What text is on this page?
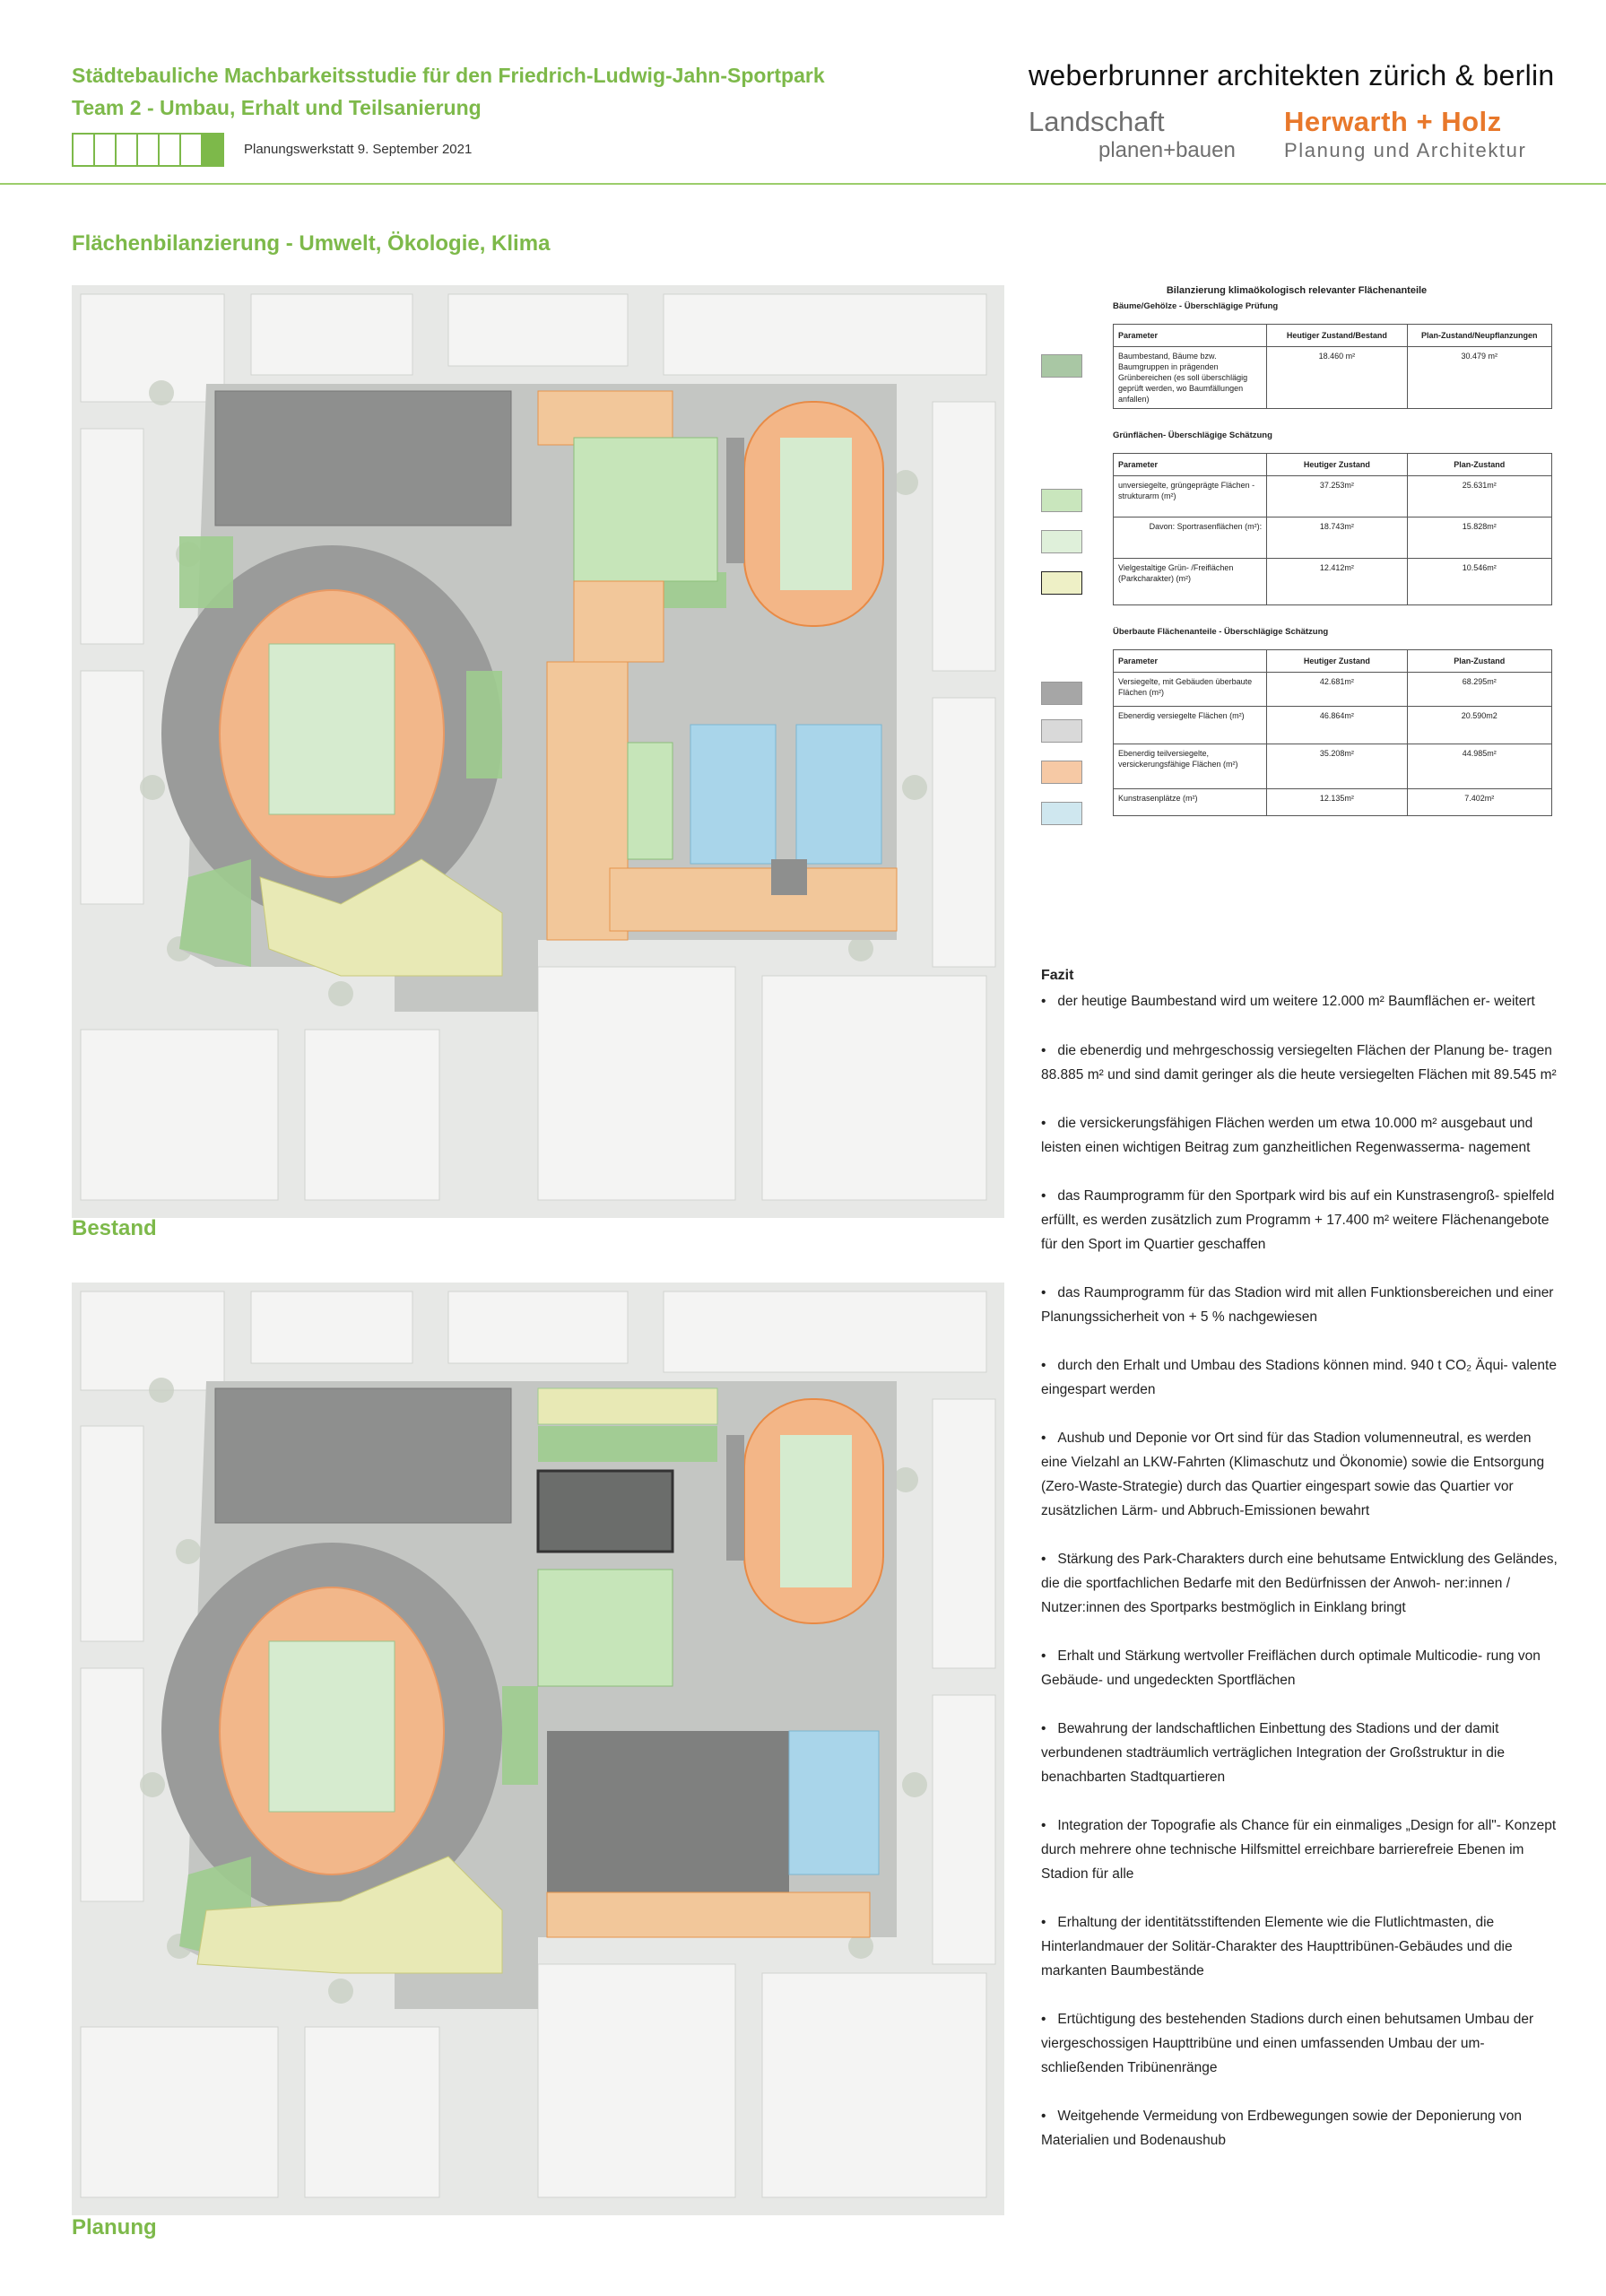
Städtebauliche Machbarkeitsstudie für den Friedrich-Ludwig-Jahn-Sportpark
Team 2 - Umbau, Erhalt und Teilsanierung
Planungswerkstatt 9. September 2021
weberbrunner architekten zürich & berlin
Landschaft
planen+bauen
Herwarth + Holz
Planung und Architektur
Flächenbilanzierung - Umwelt, Ökologie, Klima
Bestand
Planung
Bilanzierung klimaökologisch relevanter Flächenanteile
Bäume/Gehölze - Überschlägige Prüfung
Parameter	Heutiger Zustand/Bestand	Plan-Zustand/Neupflanzungen
Baumbestand, Bäume bzw. Baumgruppen in prägenden Grünbereichen (es soll überschlägig geprüft werden, wo Baumfällungen anfallen)	18.460 m²	30.479 m²
Grünflächen- Überschlägige Schätzung
Parameter	Heutiger Zustand	Plan-Zustand
unversiegelte, grüngeprägte Flächen - strukturarm (m²)	37.253m²	25.631m²
Davon: Sportrasenflächen (m²):	18.743m²	15.828m²
Vielgestaltige Grün- /Freiflächen (Parkcharakter) (m²)	12.412m²	10.546m²
Überbaute Flächenanteile - Überschlägige Schätzung
Parameter	Heutiger Zustand	Plan-Zustand
Versiegelte, mit Gebäuden überbaute Flächen (m²)	42.681m²	68.295m²
Ebenerdig versiegelte Flächen (m²)	46.864m²	20.590m2
Ebenerdig teilversiegelte, versickerungsfähige Flächen (m²)	35.208m²	44.985m²
Kunstrasenplätze (m²)	12.135m²	7.402m²
Fazit

•   der heutige Baumbestand wird um weitere 12.000 m² Baumflächen er- weitert

•   die ebenerdig und mehrgeschossig versiegelten Flächen der Planung be- tragen 88.885 m² und sind damit geringer als die heute versiegelten Flächen mit 89.545 m²

•   die versickerungsfähigen Flächen werden um etwa 10.000 m² ausgebaut und leisten einen wichtigen Beitrag zum ganzheitlichen Regenwasserma- nagement

•   das Raumprogramm für den Sportpark wird bis auf ein Kunstrasengroß- spielfeld erfüllt, es werden zusätzlich zum Programm + 17.400 m² weitere Flächenangebote für den Sport im Quartier geschaffen

•   das Raumprogramm für das Stadion wird mit allen Funktionsbereichen und einer Planungssicherheit von + 5 % nachgewiesen

•   durch den Erhalt und Umbau des Stadions können mind. 940 t CO₂ Äqui- valente eingespart werden

•   Aushub und Deponie vor Ort sind für das Stadion volumenneutral, es werden eine Vielzahl an LKW-Fahrten (Klimaschutz und Ökonomie) sowie die Entsorgung (Zero-Waste-Strategie) durch das Quartier eingespart sowie das Quartier vor zusätzlichen Lärm- und Abbruch-Emissionen bewahrt

•   Stärkung des Park-Charakters durch eine behutsame Entwicklung des Geländes, die die sportfachlichen Bedarfe mit den Bedürfnissen der Anwoh- ner:innen / Nutzer:innen des Sportparks bestmöglich in Einklang bringt

•   Erhalt und Stärkung wertvoller Freiflächen durch optimale Multicodie- rung von Gebäude- und ungedeckten Sportflächen

•   Bewahrung der landschaftlichen Einbettung des Stadions und der damit verbundenen stadträumlich verträglichen Integration der Großstruktur in die benachbarten Stadtquartieren

•   Integration der Topografie als Chance für ein einmaliges „Design for all"- Konzept durch mehrere ohne technische Hilfsmittel erreichbare barrierefreie Ebenen im Stadion für alle

•   Erhaltung der identitätsstiftenden Elemente wie die Flutlichtmasten, die Hinterlandmauer der Solitär-Charakter des Haupttribünen-Gebäudes und die markanten Baumbestände

•   Ertüchtigung des bestehenden Stadions durch einen behutsamen Umbau der viergeschossigen Haupttribüne und einen umfassenden Umbau der um- schließenden Tribünenränge

•   Weitgehende Vermeidung von Erdbewegungen sowie der Deponierung von Materialien und Bodenaushub
